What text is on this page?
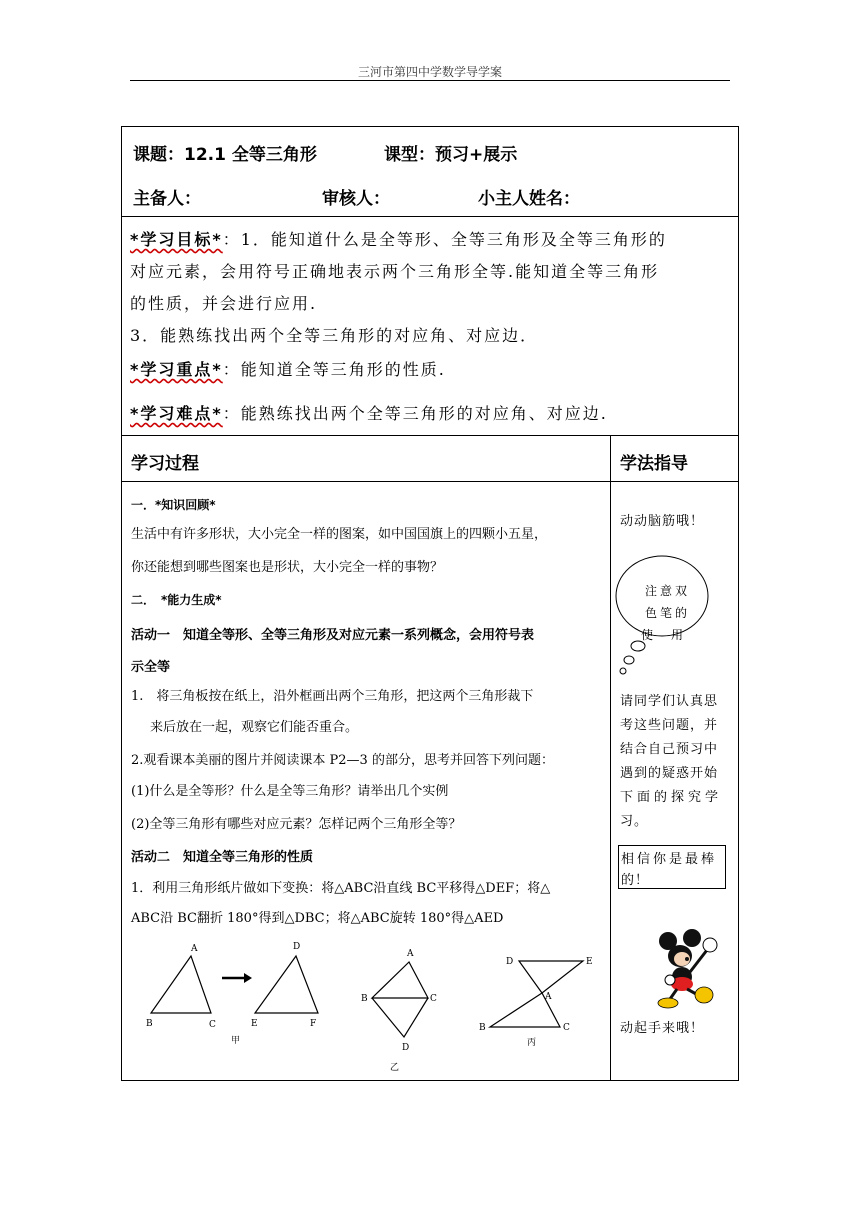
三河市第四中学数学导学案
课题：12.1 全等三角形	课型：预习+展示
主备人：	审核人：	小主人姓名：
*学习目标*：1．能知道什么是全等形、全等三角形及全等三角形的
对应元素，会用符号正确地表示两个三角形全等.能知道全等三角形
的性质，并会进行应用.
3．能熟练找出两个全等三角形的对应角、对应边．
*学习重点*：能知道全等三角形的性质.
*学习难点*：能熟练找出两个全等三角形的对应角、对应边.
学习过程	学法指导
一．*知识回顾*
生活中有许多形状，大小完全一样的图案，如中国国旗上的四颗小五星，
你还能想到哪些图案也是形状，大小完全一样的事物？
二．　*能力生成*
活动一　知道全等形、全等三角形及对应元素一系列概念，会用符号表
示全等
1.　将三角板按在纸上，沿外框画出两个三角形，把这两个三角形裁下
来后放在一起，观察它们能否重合。
2.观看课本美丽的图片并阅读课本 P2—3 的部分，思考并回答下列问题：
(1)什么是全等形？什么是全等三角形？请举出几个实例
(2)全等三角形有哪些对应元素？怎样记两个三角形全等？
活动二　知道全等三角形的性质
1．利用三角形纸片做如下变换：将△ABC沿直线 BC平移得△DEF；将△
ABC沿 BC翻折 180°得到△DBC；将△ABC旋转 180°得△AED
A
B	C
D
E	F
甲
A
B	C
D
乙
D	E
A
B	C
丙
动动脑筋哦！
注意双
色笔的
使　用
请同学们认真思
考这些问题，并
结合自己预习中
遇到的疑惑开始
下面的探究学
习。
相信你是最棒
的！
动起手来哦！
